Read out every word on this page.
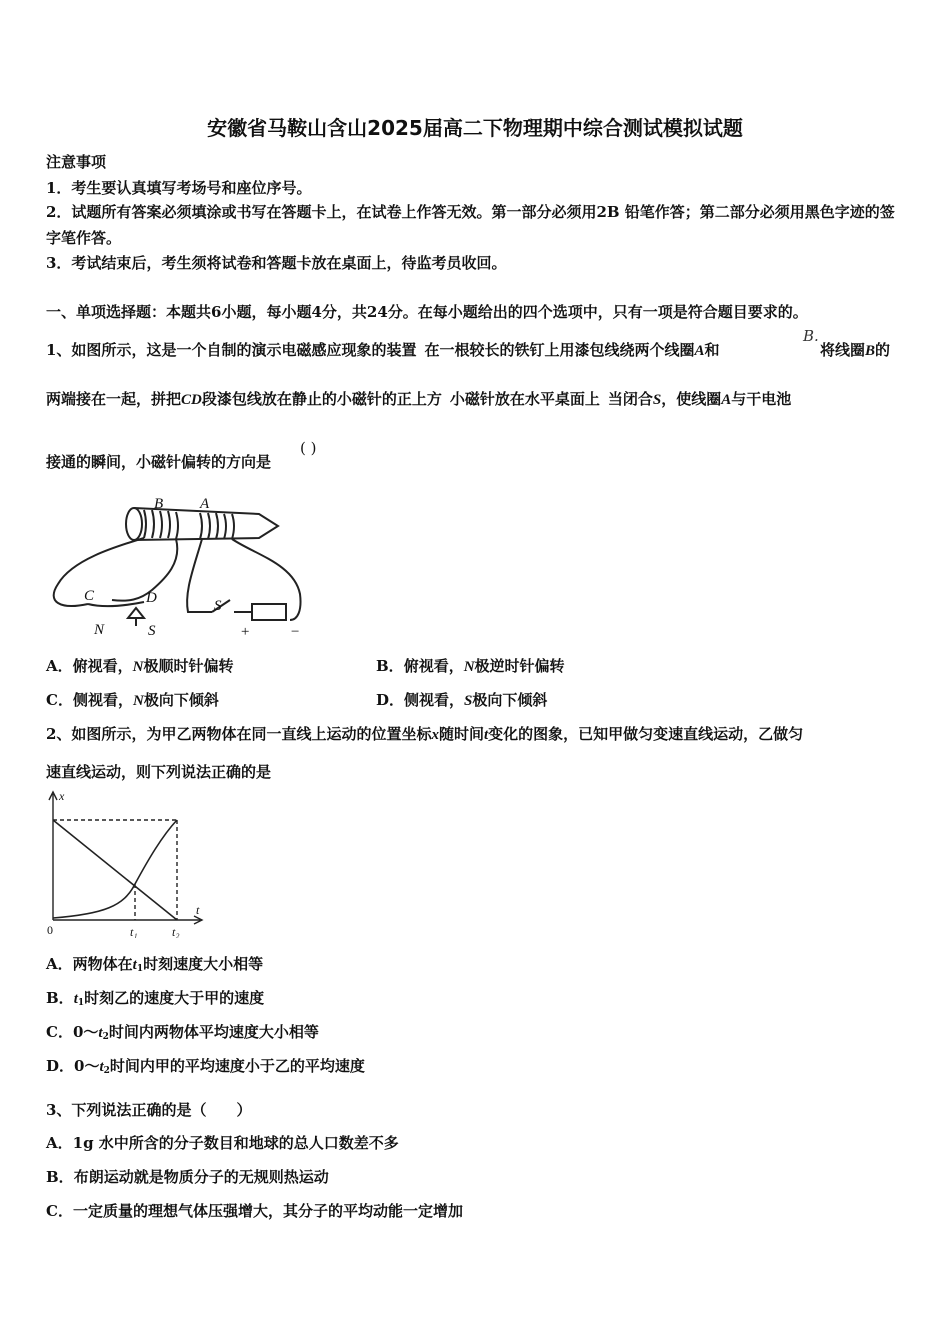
安徽省马鞍山含山2025届高二下物理期中综合测试模拟试题
注意事项
1．考生要认真填写考场号和座位序号。
2．试题所有答案必须填涂或书写在答题卡上，在试卷上作答无效。第一部分必须用2B 铅笔作答；第二部分必须用黑色字迹的签字笔作答。
3．考试结束后，考生须将试卷和答题卡放在桌面上，待监考员收回。
一、单项选择题：本题共6小题，每小题4分，共24分。在每小题给出的四个选项中，只有一项是符合题目要求的。
1、如图所示，这是一个自制的演示电磁感应现象的装置 在一根较长的铁钉上用漆包线绕两个线圈A和
B.
将线圈B的
两端接在一起，拼把CD段漆包线放在静止的小磁针的正上方 小磁针放在水平桌面上 当闭合S，使线圈A与干电池
接通的瞬间，小磁针偏转的方向是
( )
B A
C	D	S
N	S	+	−
A．俯视看，N极顺时针偏转	B．俯视看，N极逆时针偏转
C．侧视看，N极向下倾斜	D．侧视看，S极向下倾斜
2、如图所示，为甲乙两物体在同一直线上运动的位置坐标x随时间t变化的图象，已知甲做匀变速直线运动，乙做匀
速直线运动，则下列说法正确的是
x
t
0	t₁	t₂
A．两物体在$t_1$时刻速度大小相等
B．$t_1$时刻乙的速度大于甲的速度
C．$0\sim t_2$时间内两物体平均速度大小相等
D．$0\sim t_2$时间内甲的平均速度小于乙的平均速度
3、下列说法正确的是（　　）
A．1g 水中所含的分子数目和地球的总人口数差不多
B．布朗运动就是物质分子的无规则热运动
C．一定质量的理想气体压强增大，其分子的平均动能一定增加
